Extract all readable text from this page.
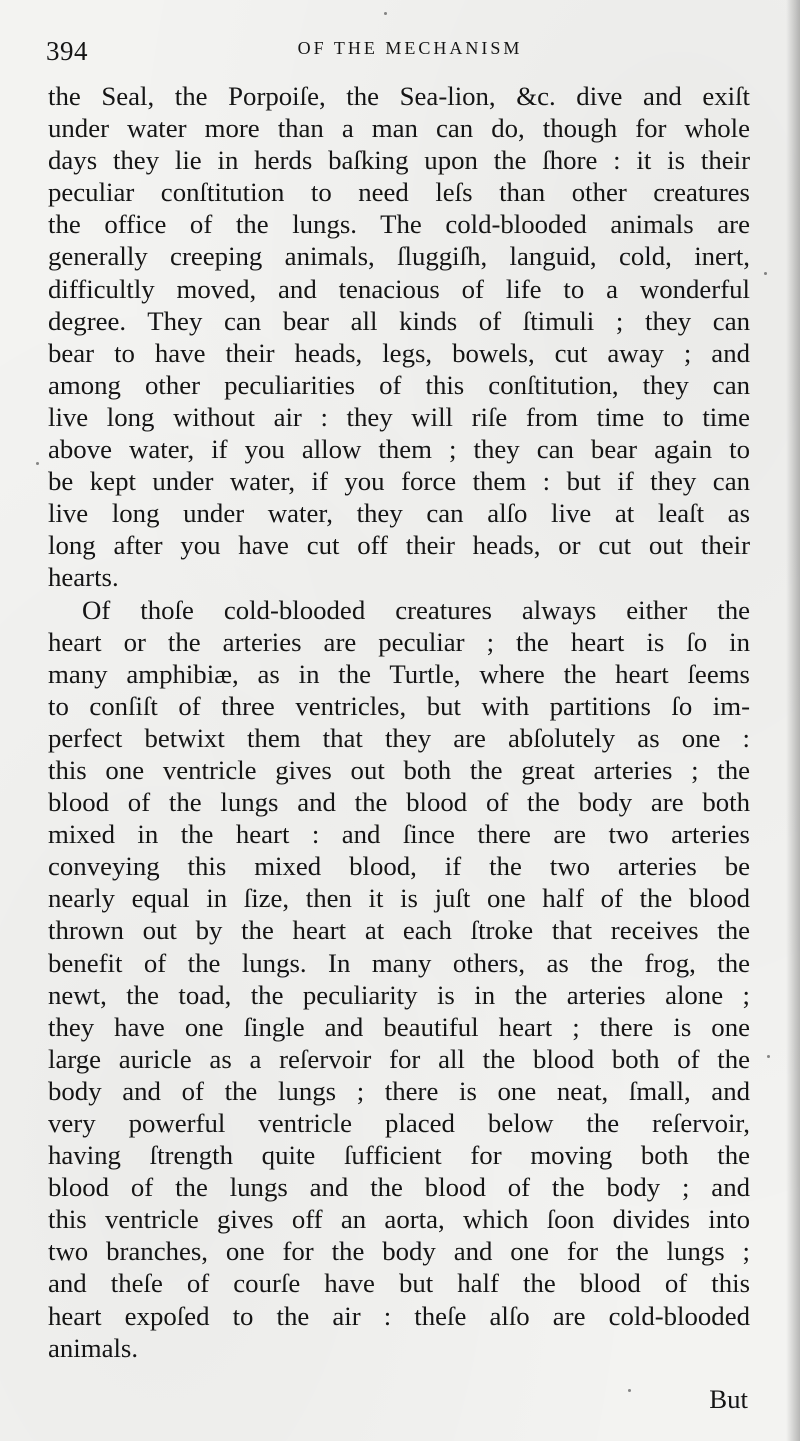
394	OF THE MECHANISM
the Seal, the Porpoiſe, the Sea-lion, &c. dive and exiſt
under water more than a man can do, though for whole
days they lie in herds baſking upon the ſhore : it is their
peculiar conſtitution to need leſs than other creatures
the office of the lungs. The cold-blooded animals are
generally creeping animals, ſluggiſh, languid, cold, inert,
difficultly moved, and tenacious of life to a wonderful
degree. They can bear all kinds of ſtimuli ; they can
bear to have their heads, legs, bowels, cut away ; and
among other peculiarities of this conſtitution, they can
live long without air : they will riſe from time to time
above water, if you allow them ; they can bear again to
be kept under water, if you force them : but if they can
live long under water, they can alſo live at leaſt as
long after you have cut off their heads, or cut out their
hearts.
Of thoſe cold-blooded creatures always either the
heart or the arteries are peculiar ; the heart is ſo in
many amphibiæ, as in the Turtle, where the heart ſeems
to conſiſt of three ventricles, but with partitions ſo im-
perfect betwixt them that they are abſolutely as one :
this one ventricle gives out both the great arteries ; the
blood of the lungs and the blood of the body are both
mixed in the heart : and ſince there are two arteries
conveying this mixed blood, if the two arteries be
nearly equal in ſize, then it is juſt one half of the blood
thrown out by the heart at each ſtroke that receives the
benefit of the lungs. In many others, as the frog, the
newt, the toad, the peculiarity is in the arteries alone ;
they have one ſingle and beautiful heart ; there is one
large auricle as a reſervoir for all the blood both of the
body and of the lungs ; there is one neat, ſmall, and
very powerful ventricle placed below the reſervoir,
having ſtrength quite ſufficient for moving both the
blood of the lungs and the blood of the body ; and
this ventricle gives off an aorta, which ſoon divides into
two branches, one for the body and one for the lungs ;
and theſe of courſe have but half the blood of this
heart expoſed to the air : theſe alſo are cold-blooded
animals.
But
